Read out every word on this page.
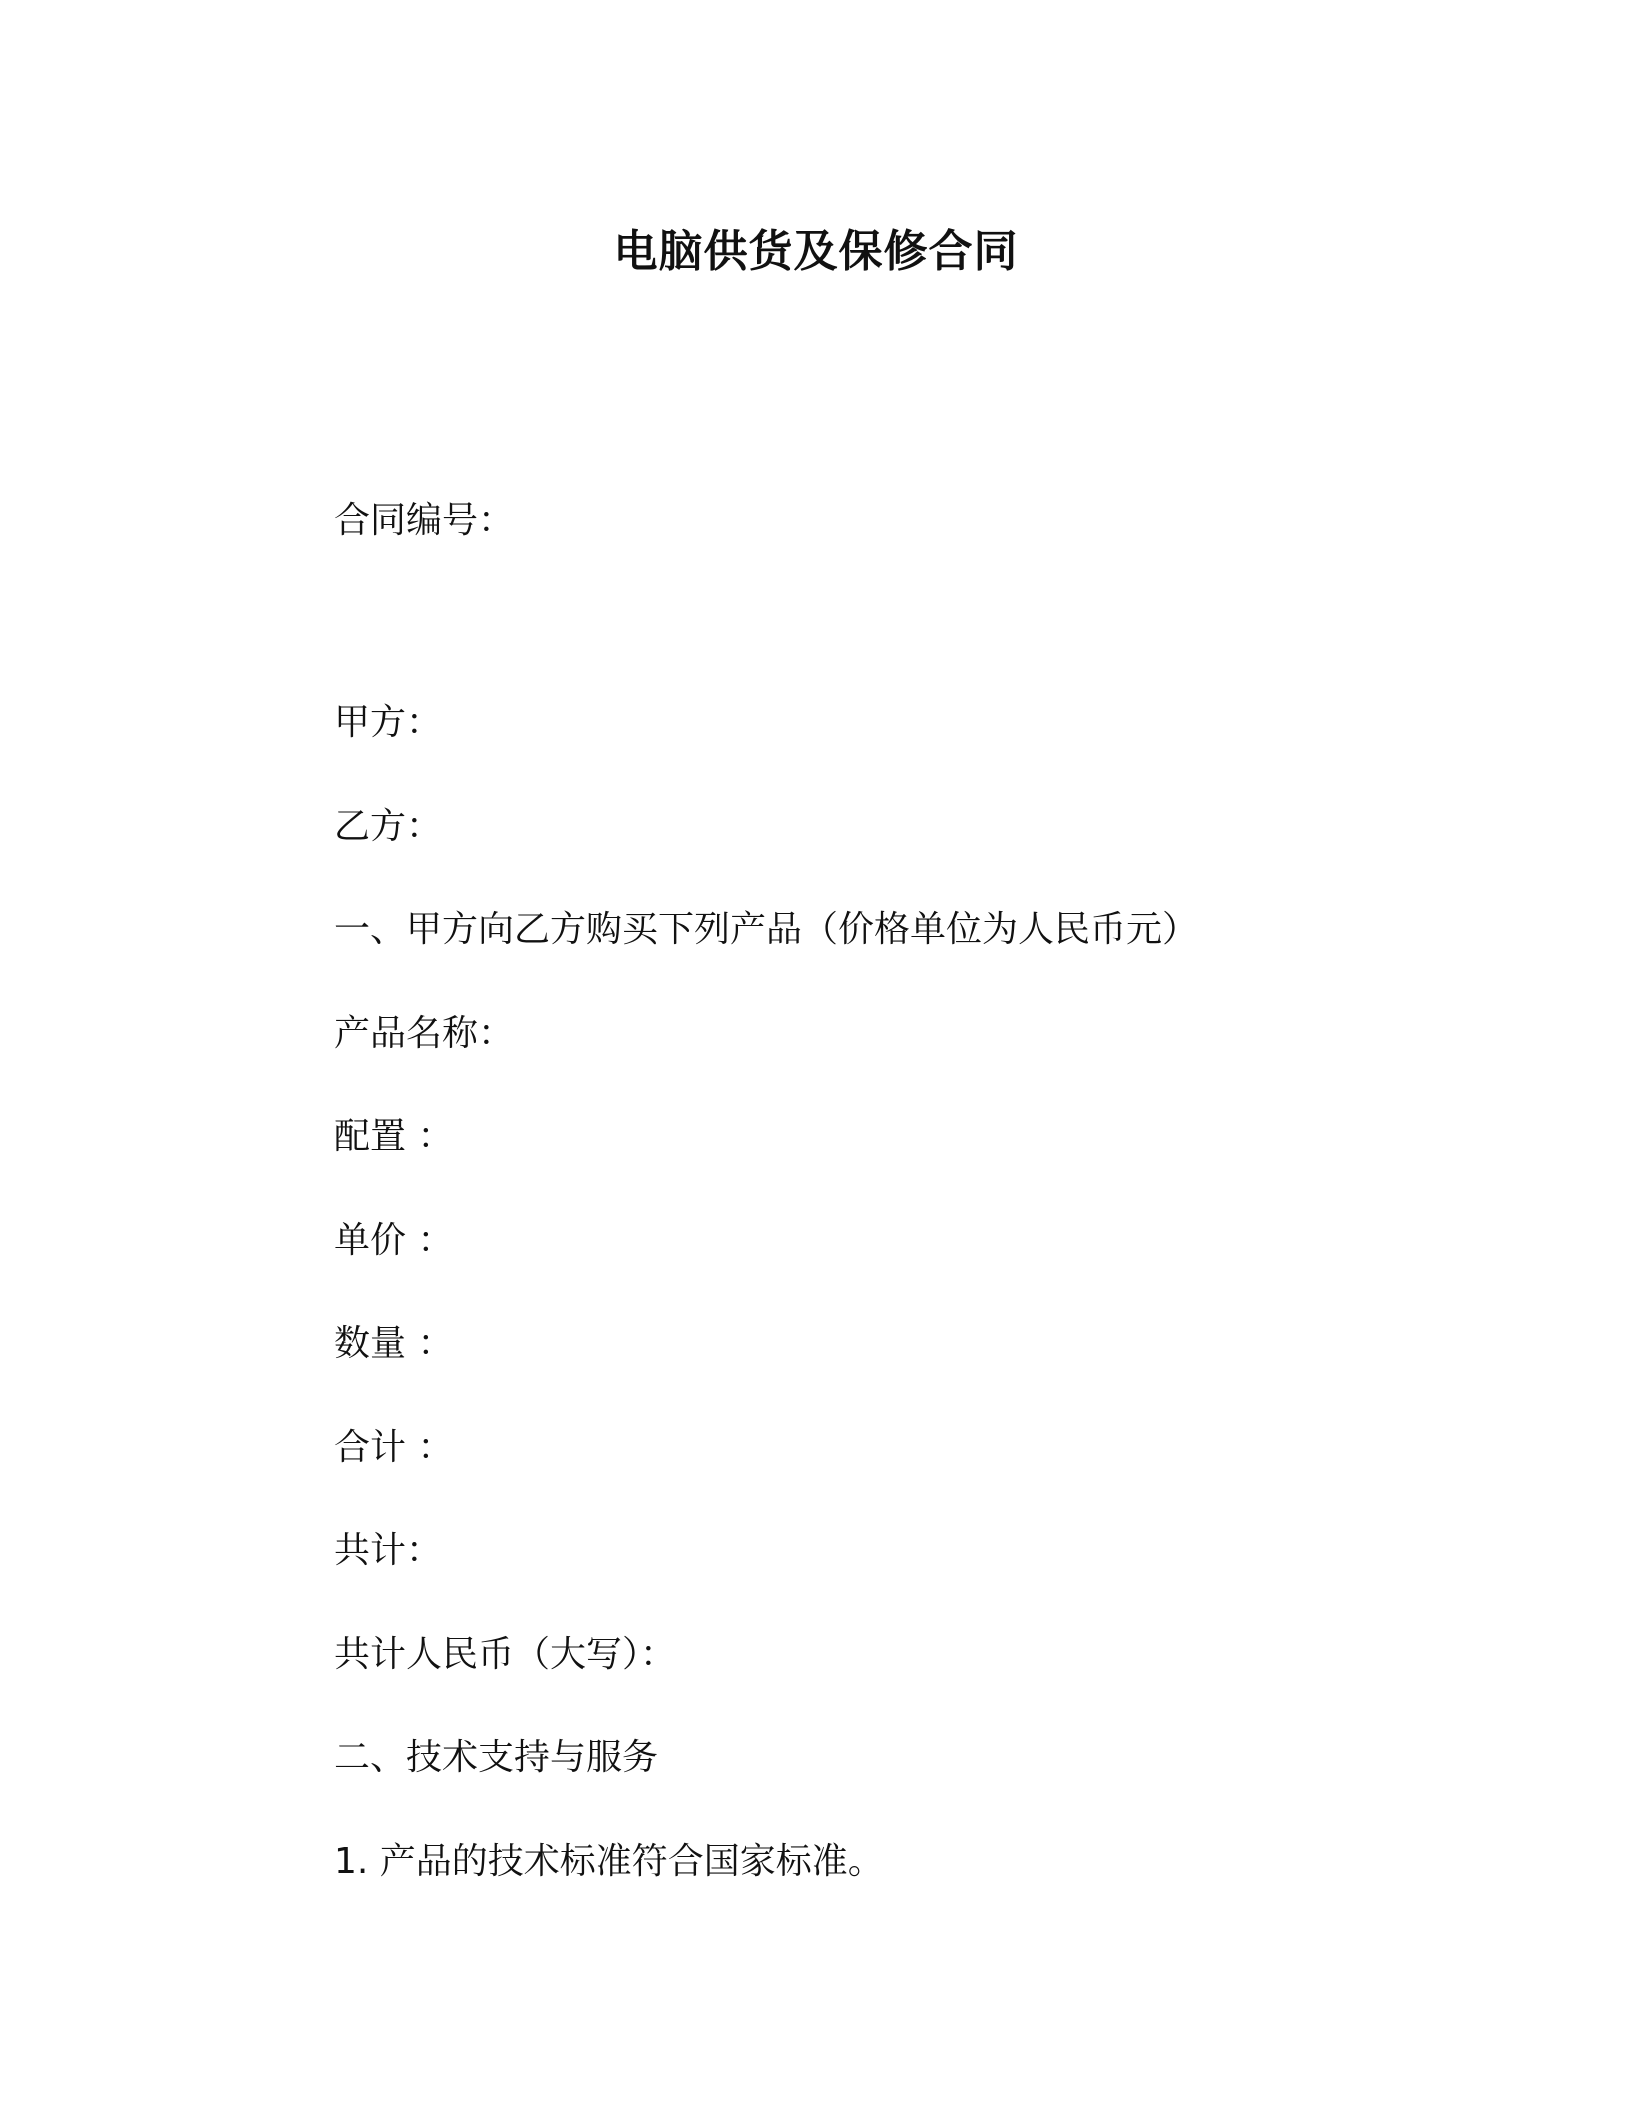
电脑供货及保修合同
合同编号：
甲方：
乙方：
一、甲方向乙方购买下列产品（价格单位为人民币元）
产品名称：
配置 ：
单价 ：
数量 ：
合计 ：
共计：
共计人民币（大写）：
二、技术支持与服务
1. 产品的技术标准符合国家标准。
